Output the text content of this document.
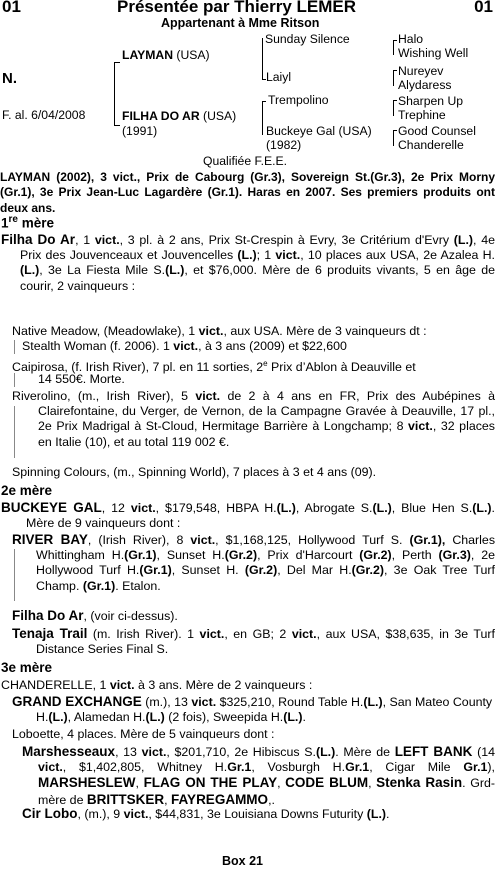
01	Présentée par Thierry LEMER	01
Appartenant à Mme Ritson
N.
F. al. 6/04/2008
LAYMAN (USA)
FILHA DO AR (USA)
(1991)
Sunday Silence
Laiyl
Trempolino
Buckeye Gal (USA)
(1982)
Halo
Wishing Well
Nureyev
Alydaress
Sharpen Up
Trephine
Good Counsel
Chanderelle
Qualifiée F.E.E.

LAYMAN (2002), 3 vict., Prix de Cabourg (Gr.3), Sovereign St.(Gr.3), 2e Prix Morny (Gr.1), 3e Prix Jean-Luc Lagardère (Gr.1). Haras en 2007. Ses premiers produits ont deux ans.

1re mère

Filha Do Ar, 1 vict., 3 pl. à 2 ans, Prix St-Crespin à Evry, 3e Critérium d'Evry (L.), 4e Prix des Jouvenceaux et Jouvencelles (L.); 1 vict., 10 places aux USA, 2e Azalea H.(L.), 3e La Fiesta Mile S.(L.), et $76,000. Mère de 6 produits vivants, 5 en âge de courir, 2 vainqueurs :

Native Meadow, (Meadowlake), 1 vict., aux USA. Mère de 3 vainqueurs dt :

Stealth Woman (f. 2006). 1 vict., à 3 ans (2009) et $22,600

Caipirosa, (f. Irish River), 7 pl. en 11 sorties, 2e Prix d’Ablon à Deauville et

14 550€. Morte.

Riverolino, (m., Irish River), 5 vict. de 2 à 4 ans en FR, Prix des Aubépines à Clairefontaine, du Verger, de Vernon, de la Campagne Gravée à Deauville, 17 pl., 2e Prix Madrigal à St-Cloud, Hermitage Barrière à Longchamp; 8 vict., 32 places en Italie (10), et au total 119 002 €.

Spinning Colours, (m., Spinning World), 7 places à 3 et 4 ans (09).

2e mère

BUCKEYE GAL, 12 vict., $179,548, HBPA H.(L.), Abrogate S.(L.), Blue Hen S.(L.). Mère de 9 vainqueurs dont :

RIVER BAY, (Irish River), 8 vict., $1,168,125, Hollywood Turf S. (Gr.1), Charles Whittingham H.(Gr.1), Sunset H.(Gr.2), Prix d'Harcourt (Gr.2), Perth (Gr.3), 2e Hollywood Turf H.(Gr.1), Sunset H. (Gr.2), Del Mar H.(Gr.2), 3e Oak Tree Turf Champ. (Gr.1). Etalon.

Filha Do Ar, (voir ci-dessus).

Tenaja Trail (m. Irish River). 1 vict., en GB; 2 vict., aux USA, $38,635, in 3e Turf Distance Series Final S.

3e mère

CHANDERELLE, 1 vict. à 3 ans. Mère de 2 vainqueurs :

GRAND EXCHANGE (m.), 13 vict. $325,210, Round Table H.(L.), San Mateo County H.(L.), Alamedan H.(L.) (2 fois), Sweepida H.(L.).

Loboette, 4 places. Mère de 5 vainqueurs dont :

Marshesseaux, 13 vict., $201,710, 2e Hibiscus S.(L.). Mère de LEFT BANK (14 vict., $1,402,805, Whitney H.Gr.1, Vosburgh H.Gr.1, Cigar Mile Gr.1), MARSHESLEW, FLAG ON THE PLAY, CODE BLUM, Stenka Rasin. Grd-mère de BRITTSKER, FAYREGAMMO,.

Cir Lobo, (m.), 9 vict., $44,831, 3e Louisiana Downs Futurity (L.).

Box 21
